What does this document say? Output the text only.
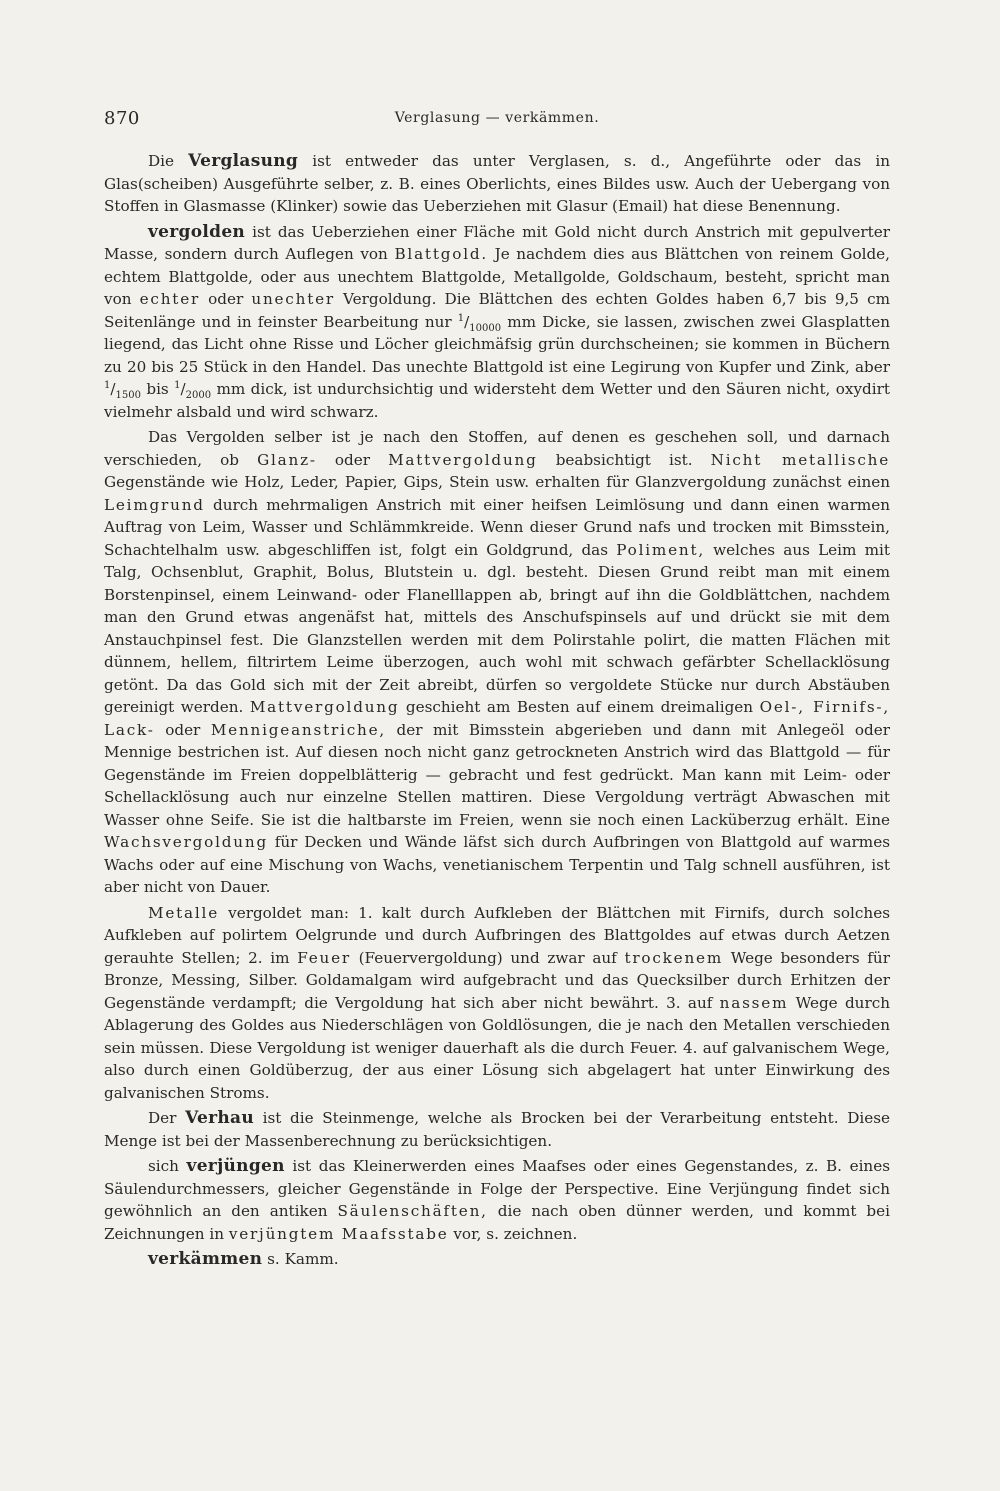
870	Verglasung — verkämmen.

Die Verglasung ist entweder das unter Verglasen, s. d., Angeführte oder das in Glas(scheiben) Ausgeführte selber, z. B. eines Oberlichts, eines Bildes usw. Auch der Uebergang von Stoffen in Glasmasse (Klinker) sowie das Ueberziehen mit Glasur (Email) hat diese Benennung.

vergolden ist das Ueberziehen einer Fläche mit Gold nicht durch Anstrich mit gepulverter Masse, sondern durch Auflegen von Blattgold. Je nachdem dies aus Blättchen von reinem Golde, echtem Blattgolde, oder aus unechtem Blattgolde, Metallgolde, Goldschaum, besteht, spricht man von echter oder unechter Vergoldung. Die Blättchen des echten Goldes haben 6,7 bis 9,5 cm Seitenlänge und in feinster Bearbeitung nur $^1/_{10000}$ mm Dicke, sie lassen, zwischen zwei Glasplatten liegend, das Licht ohne Risse und Löcher gleichmäfsig grün durchscheinen; sie kommen in Büchern zu 20 bis 25 Stück in den Handel. Das unechte Blattgold ist eine Legirung von Kupfer und Zink, aber $^1/_{1500}$ bis $^1/_{2000}$ mm dick, ist undurchsichtig und widersteht dem Wetter und den Säuren nicht, oxydirt vielmehr alsbald und wird schwarz.

Das Vergolden selber ist je nach den Stoffen, auf denen es geschehen soll, und darnach verschieden, ob Glanz- oder Mattvergoldung beabsichtigt ist. Nicht metallische Gegenstände wie Holz, Leder, Papier, Gips, Stein usw. erhalten für Glanzvergoldung zunächst einen Leimgrund durch mehrmaligen Anstrich mit einer heifsen Leimlösung und dann einen warmen Auftrag von Leim, Wasser und Schlämmkreide. Wenn dieser Grund nafs und trocken mit Bimsstein, Schachtelhalm usw. abgeschliffen ist, folgt ein Goldgrund, das Poliment, welches aus Leim mit Talg, Ochsenblut, Graphit, Bolus, Blutstein u. dgl. besteht. Diesen Grund reibt man mit einem Borstenpinsel, einem Leinwand- oder Flanelllappen ab, bringt auf ihn die Goldblättchen, nachdem man den Grund etwas angenäfst hat, mittels des Anschufspinsels auf und drückt sie mit dem Anstauchpinsel fest. Die Glanzstellen werden mit dem Polirstahle polirt, die matten Flächen mit dünnem, hellem, filtrirtem Leime überzogen, auch wohl mit schwach gefärbter Schellacklösung getönt. Da das Gold sich mit der Zeit abreibt, dürfen so vergoldete Stücke nur durch Abstäuben gereinigt werden. Mattvergoldung geschieht am Besten auf einem dreimaligen Oel-, Firnifs-, Lack- oder Mennigeanstriche, der mit Bimsstein abgerieben und dann mit Anlegeöl oder Mennige bestrichen ist. Auf diesen noch nicht ganz getrockneten Anstrich wird das Blattgold — für Gegenstände im Freien doppelblätterig — gebracht und fest gedrückt. Man kann mit Leim- oder Schellacklösung auch nur einzelne Stellen mattiren. Diese Vergoldung verträgt Abwaschen mit Wasser ohne Seife. Sie ist die haltbarste im Freien, wenn sie noch einen Lacküberzug erhält. Eine Wachsvergoldung für Decken und Wände läfst sich durch Aufbringen von Blattgold auf warmes Wachs oder auf eine Mischung von Wachs, venetianischem Terpentin und Talg schnell ausführen, ist aber nicht von Dauer.

Metalle vergoldet man: 1. kalt durch Aufkleben der Blättchen mit Firnifs, durch solches Aufkleben auf polirtem Oelgrunde und durch Aufbringen des Blattgoldes auf etwas durch Aetzen gerauhte Stellen; 2. im Feuer (Feuervergoldung) und zwar auf trockenem Wege besonders für Bronze, Messing, Silber. Goldamalgam wird aufgebracht und das Quecksilber durch Erhitzen der Gegenstände verdampft; die Vergoldung hat sich aber nicht bewährt. 3. auf nassem Wege durch Ablagerung des Goldes aus Niederschlägen von Goldlösungen, die je nach den Metallen verschieden sein müssen. Diese Vergoldung ist weniger dauerhaft als die durch Feuer. 4. auf galvanischem Wege, also durch einen Goldüberzug, der aus einer Lösung sich abgelagert hat unter Einwirkung des galvanischen Stroms.

Der Verhau ist die Steinmenge, welche als Brocken bei der Verarbeitung entsteht. Diese Menge ist bei der Massenberechnung zu berücksichtigen.

sich verjüngen ist das Kleinerwerden eines Maafses oder eines Gegenstandes, z. B. eines Säulendurchmessers, gleicher Gegenstände in Folge der Perspective. Eine Verjüngung findet sich gewöhnlich an den antiken Säulenschäften, die nach oben dünner werden, und kommt bei Zeichnungen in verjüngtem Maafsstabe vor, s. zeichnen.

verkämmen s. Kamm.
